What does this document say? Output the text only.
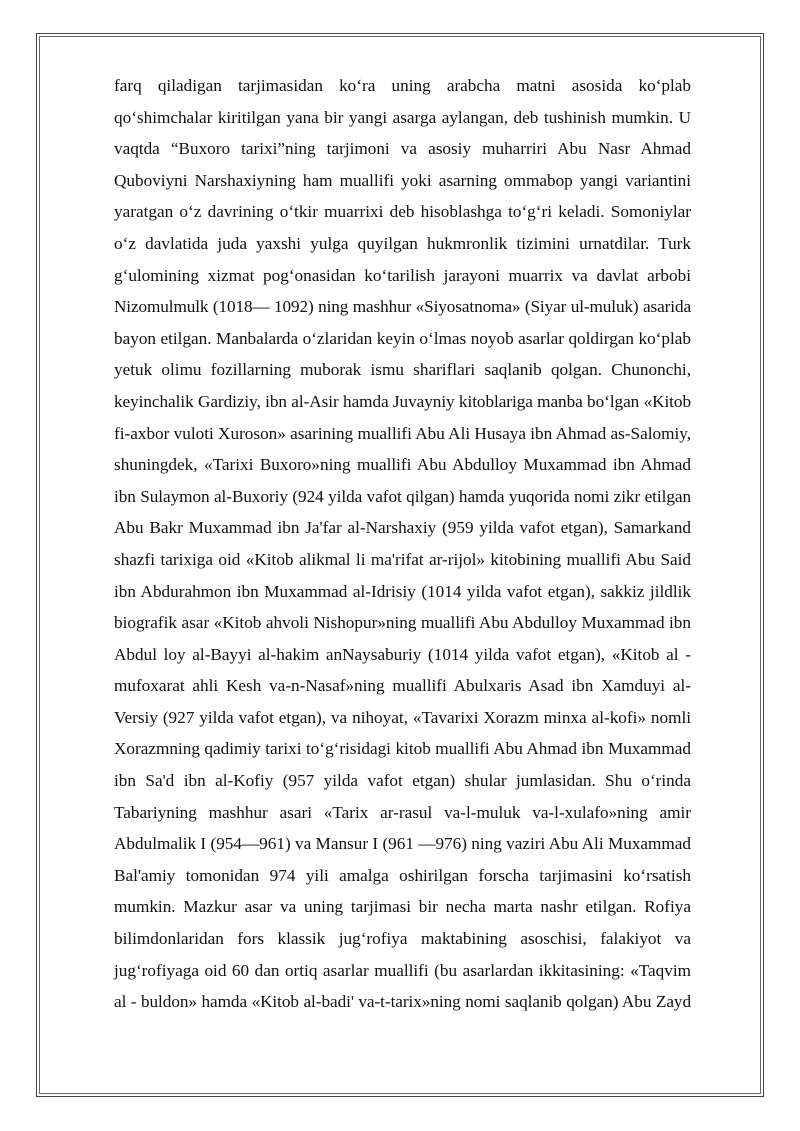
farq qiladigan tarjimasidan ko‘ra uning arabcha matni asosida ko‘plab
qo‘shimchalar kiritilgan yana bir yangi asarga aylangan, deb tushinish mumkin. U
vaqtda “Buxoro tarixi”ning tarjimoni va asosiy muharriri Abu Nasr Ahmad
Quboviyni Narshaxiyning ham muallifi yoki asarning ommabop yangi variantini
yaratgan o‘z davrining o‘tkir muarrixi deb hisoblashga to‘g‘ri keladi. Somoniylar
o‘z davlatida juda yaxshi yulga quyilgan hukmronlik tizimini urnatdilar. Turk
g‘ulomining xizmat pog‘onasidan ko‘tarilish jarayoni muarrix va davlat arbobi
Nizomulmulk (1018— 1092) ning mashhur «Siyosatnoma» (Siyar ul-muluk) asarida
bayon etilgan. Manbalarda o‘zlaridan keyin o‘lmas noyob asarlar qoldirgan ko‘plab
yetuk olimu fozillarning muborak ismu shariflari saqlanib qolgan. Chunonchi,
keyinchalik Gardiziy, ibn al-Asir hamda Juvayniy kitoblariga manba bo‘lgan «Kitob
fi-axbor vuloti Xuroson» asarining muallifi Abu Ali Husaya ibn Ahmad as-Salomiy,
shuningdek, «Tarixi Buxoro»ning muallifi Abu Abdulloy Muxammad ibn Ahmad
ibn Sulaymon al-Buxoriy (924 yilda vafot qilgan) hamda yuqorida nomi zikr etilgan
Abu Bakr Muxammad ibn Ja'far al-Narshaxiy (959 yilda vafot etgan), Samarkand
shazfi tarixiga oid «Kitob alikmal li ma'rifat ar-rijol» kitobining muallifi Abu Said
ibn Abdurahmon ibn Muxammad al-Idrisiy (1014 yilda vafot etgan), sakkiz jildlik
biografik asar «Kitob ahvoli Nishopur»ning muallifi Abu Abdulloy Muxammad ibn
Abdul loy al-Bayyi al-hakim anNaysaburiy (1014 yilda vafot etgan), «Kitob al -
mufoxarat ahli Kesh va-n-Nasaf»ning muallifi Abulxaris Asad ibn Xamduyi al-
Versiy (927 yilda vafot etgan), va nihoyat, «Tavarixi Xorazm minxa al-kofi» nomli
Xorazmning qadimiy tarixi to‘g‘risidagi kitob muallifi Abu Ahmad ibn Muxammad
ibn Sa'd ibn al-Kofiy (957 yilda vafot etgan) shular jumlasidan. Shu o‘rinda
Tabariyning mashhur asari «Tarix ar-rasul va-l-muluk va-l-xulafo»ning amir
Abdulmalik I (954—961) va Mansur I (961 —976) ning vaziri Abu Ali Muxammad
Bal'amiy tomonidan 974 yili amalga oshirilgan forscha tarjimasini ko‘rsatish
mumkin. Mazkur asar va uning tarjimasi bir necha marta nashr etilgan. Rofiya
bilimdonlaridan fors klassik jug‘rofiya maktabining asoschisi, falakiyot va
jug‘rofiyaga oid 60 dan ortiq asarlar muallifi (bu asarlardan ikkitasining: «Taqvim
al - buldon» hamda «Kitob al-badi' va-t-tarix»ning nomi saqlanib qolgan) Abu Zayd
